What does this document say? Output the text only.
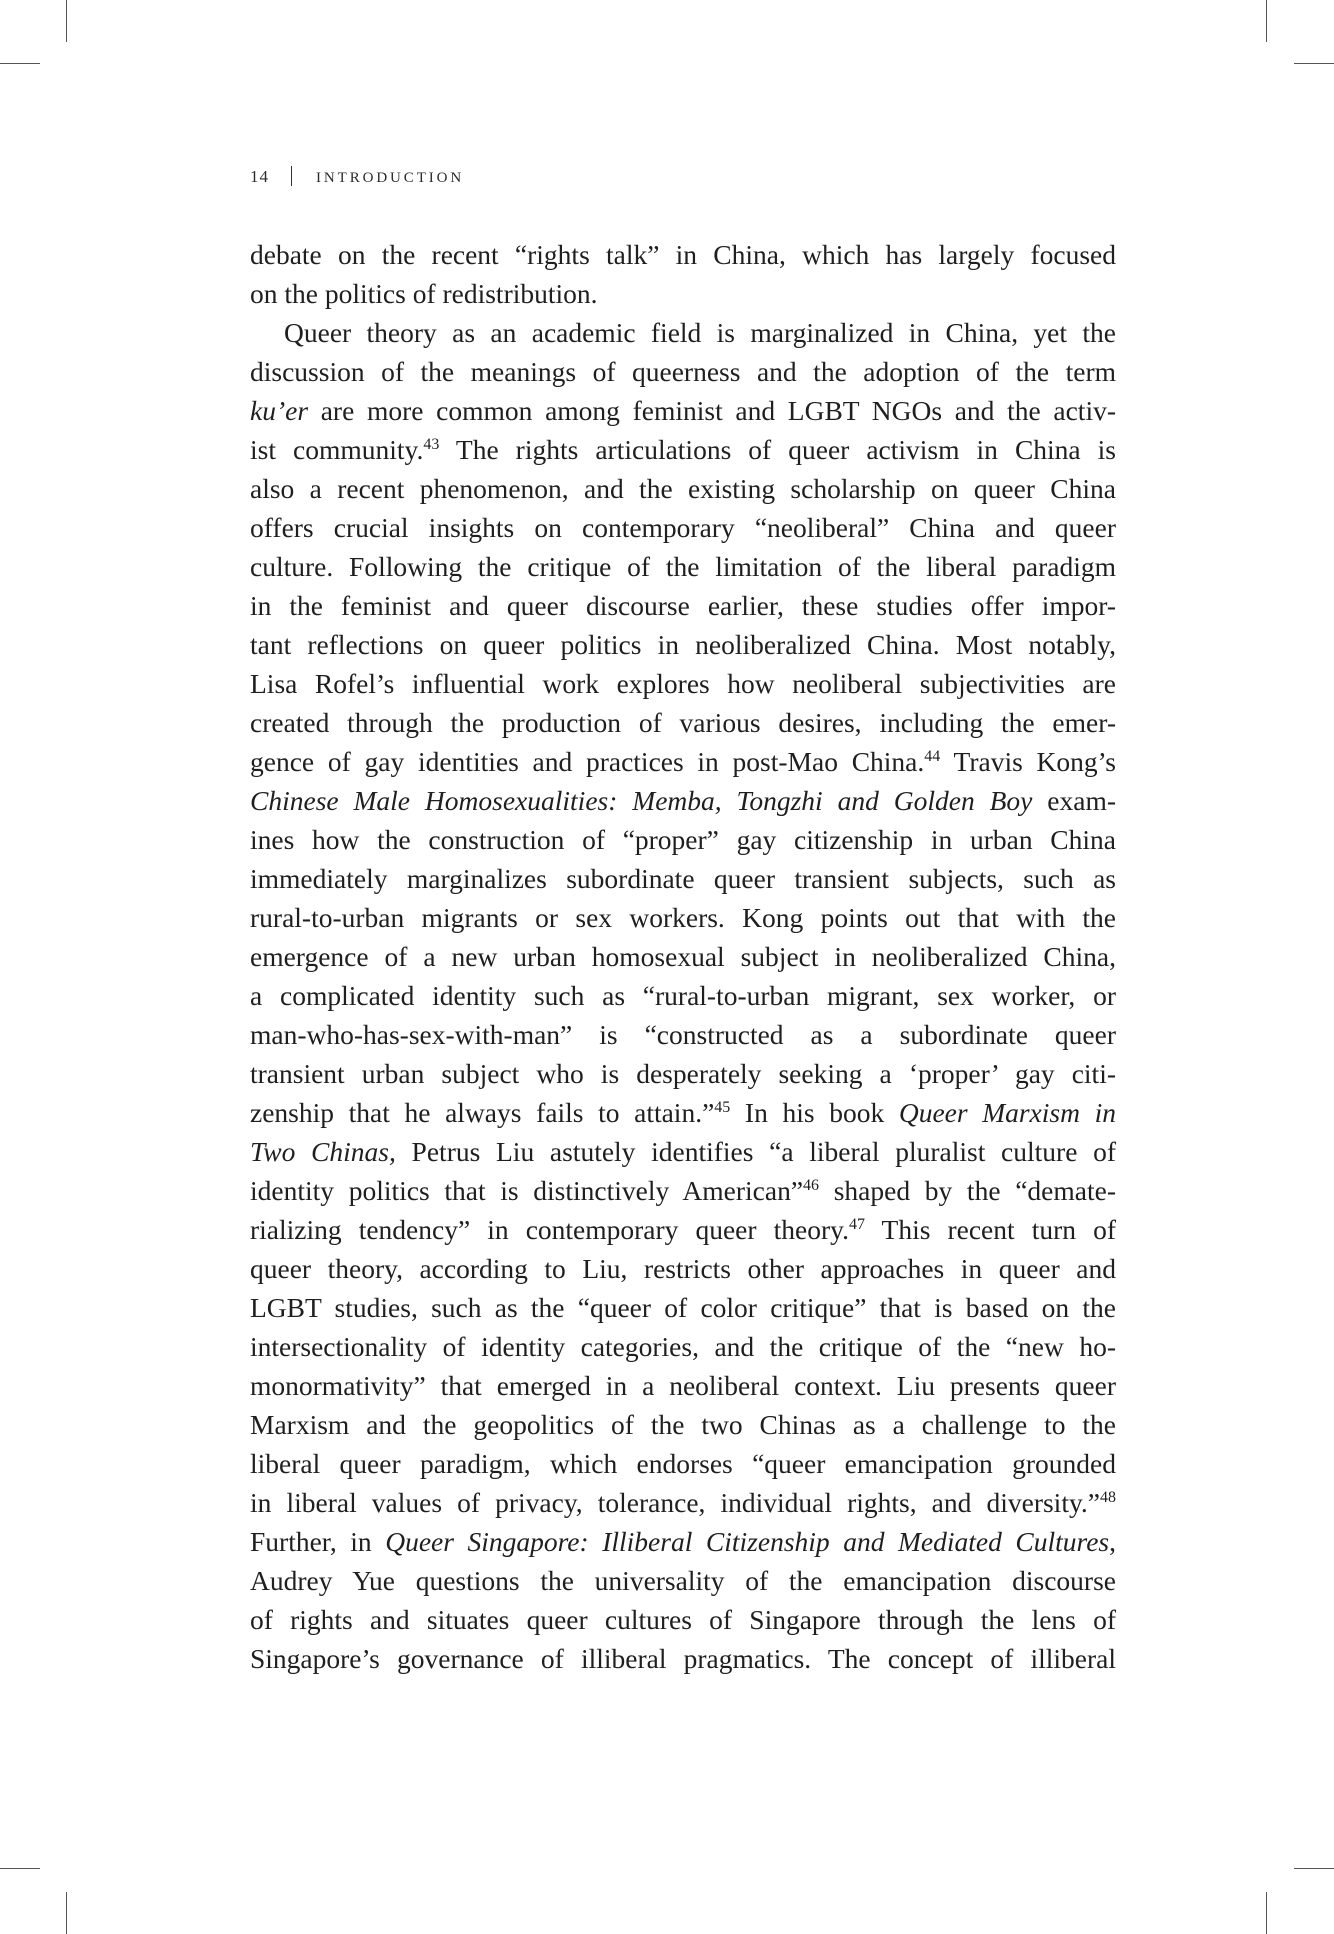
14	INTRODUCTION
debate on the recent “rights talk” in China, which has largely focused
on the politics of redistribution.
Queer theory as an academic field is marginalized in China, yet the
discussion of the meanings of queerness and the adoption of the term
ku’er are more common among feminist and LGBT NGOs and the activ-
ist community.$^{43}$ The rights articulations of queer activism in China is
also a recent phenomenon, and the existing scholarship on queer China
offers crucial insights on contemporary “neoliberal” China and queer
culture. Following the critique of the limitation of the liberal paradigm
in the feminist and queer discourse earlier, these studies offer impor-
tant reflections on queer politics in neoliberalized China. Most notably,
Lisa Rofel’s influential work explores how neoliberal subjectivities are
created through the production of various desires, including the emer-
gence of gay identities and practices in post-Mao China.$^{44}$ Travis Kong’s
Chinese Male Homosexualities: Memba, Tongzhi and Golden Boy exam-
ines how the construction of “proper” gay citizenship in urban China
immediately marginalizes subordinate queer transient subjects, such as
rural-to-urban migrants or sex workers. Kong points out that with the
emergence of a new urban homosexual subject in neoliberalized China,
a complicated identity such as “rural-to-urban migrant, sex worker, or
man-who-has-sex-with-man” is “constructed as a subordinate queer
transient urban subject who is desperately seeking a ‘proper’ gay citi-
zenship that he always fails to attain.”$^{45}$ In his book Queer Marxism in
Two Chinas, Petrus Liu astutely identifies “a liberal pluralist culture of
identity politics that is distinctively American”$^{46}$ shaped by the “demate-
rializing tendency” in contemporary queer theory.$^{47}$ This recent turn of
queer theory, according to Liu, restricts other approaches in queer and
LGBT studies, such as the “queer of color critique” that is based on the
intersectionality of identity categories, and the critique of the “new ho-
monormativity” that emerged in a neoliberal context. Liu presents queer
Marxism and the geopolitics of the two Chinas as a challenge to the
liberal queer paradigm, which endorses “queer emancipation grounded
in liberal values of privacy, tolerance, individual rights, and diversity.”$^{48}$
Further, in Queer Singapore: Illiberal Citizenship and Mediated Cultures,
Audrey Yue questions the universality of the emancipation discourse
of rights and situates queer cultures of Singapore through the lens of
Singapore’s governance of illiberal pragmatics. The concept of illiberal
